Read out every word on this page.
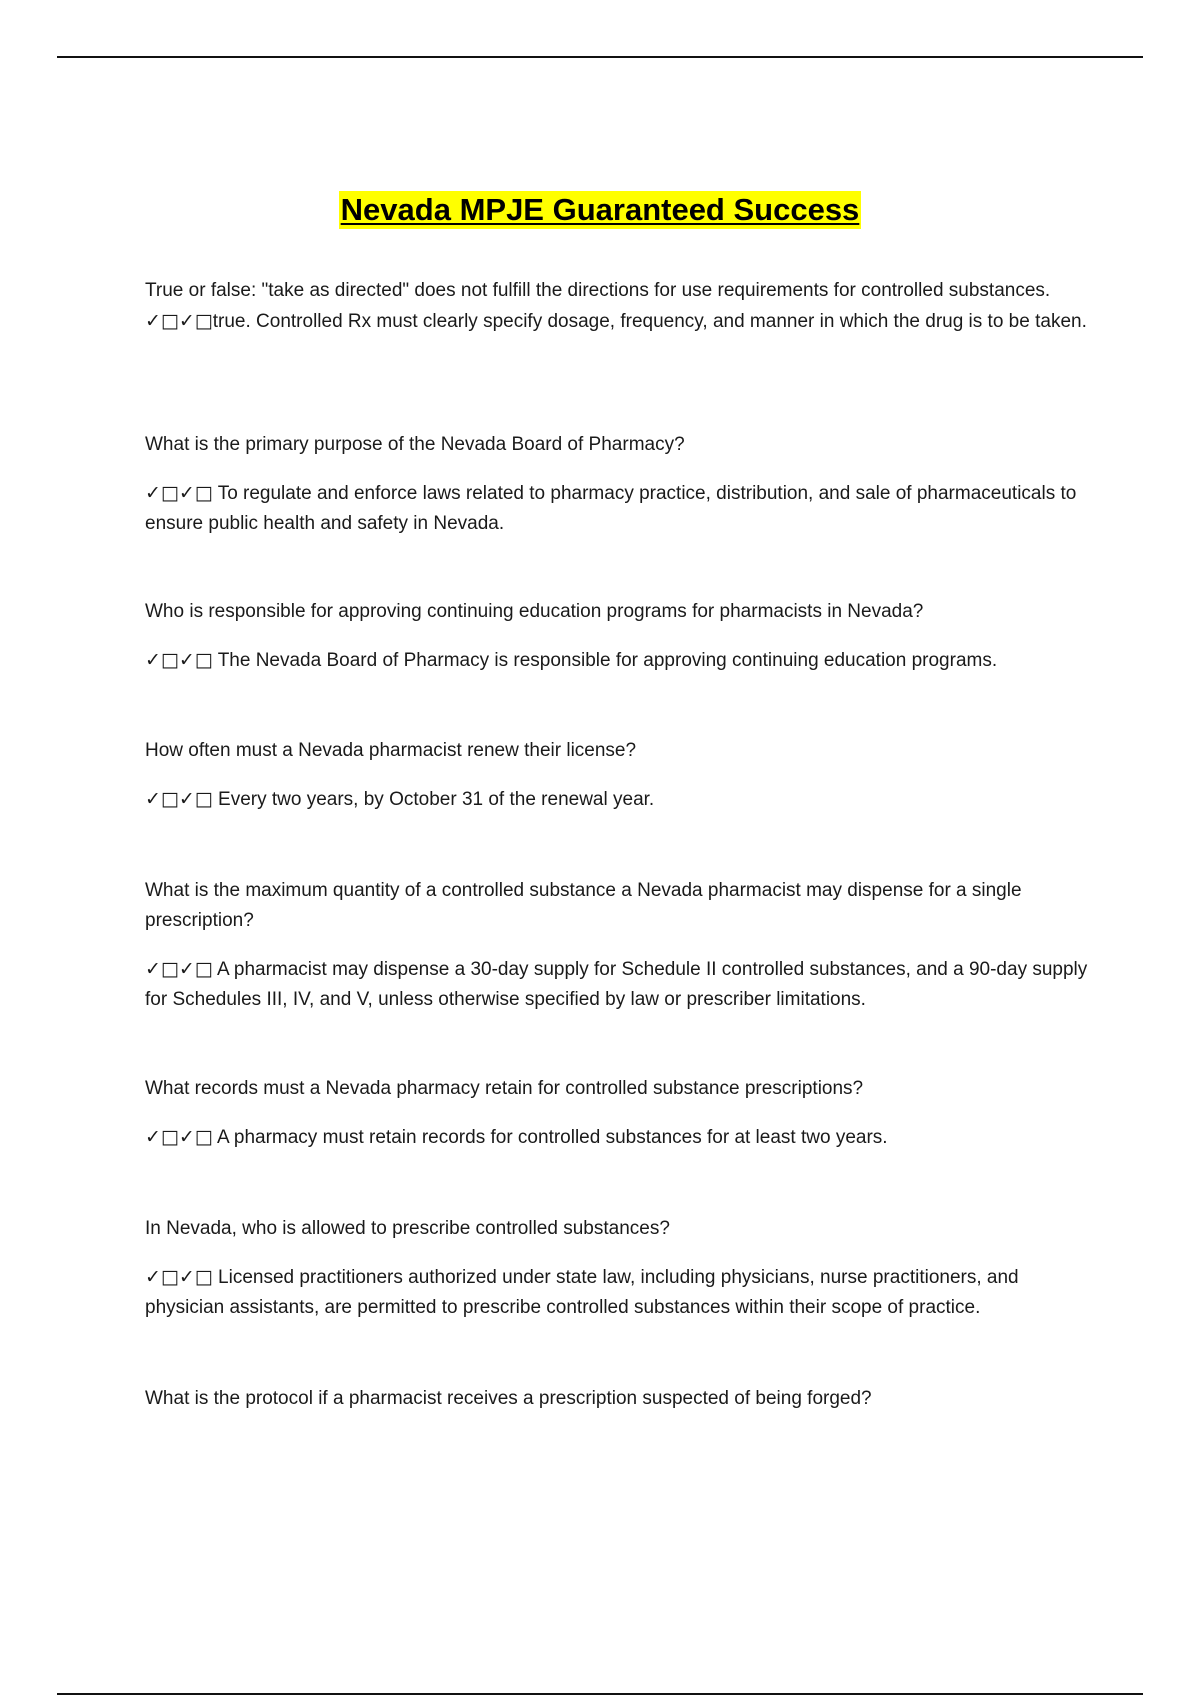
Nevada MPJE Guaranteed Success

True or false: "take as directed" does not fulfill the directions for use requirements for controlled substances. ✓□✓□true. Controlled Rx must clearly specify dosage, frequency, and manner in which the drug is to be taken.

What is the primary purpose of the Nevada Board of Pharmacy?

✓□✓□ To regulate and enforce laws related to pharmacy practice, distribution, and sale of pharmaceuticals to ensure public health and safety in Nevada.

Who is responsible for approving continuing education programs for pharmacists in Nevada?

✓□✓□ The Nevada Board of Pharmacy is responsible for approving continuing education programs.

How often must a Nevada pharmacist renew their license?

✓□✓□ Every two years, by October 31 of the renewal year.

What is the maximum quantity of a controlled substance a Nevada pharmacist may dispense for a single prescription?

✓□✓□ A pharmacist may dispense a 30-day supply for Schedule II controlled substances, and a 90-day supply for Schedules III, IV, and V, unless otherwise specified by law or prescriber limitations.

What records must a Nevada pharmacy retain for controlled substance prescriptions?

✓□✓□ A pharmacy must retain records for controlled substances for at least two years.

In Nevada, who is allowed to prescribe controlled substances?

✓□✓□ Licensed practitioners authorized under state law, including physicians, nurse practitioners, and physician assistants, are permitted to prescribe controlled substances within their scope of practice.

What is the protocol if a pharmacist receives a prescription suspected of being forged?
